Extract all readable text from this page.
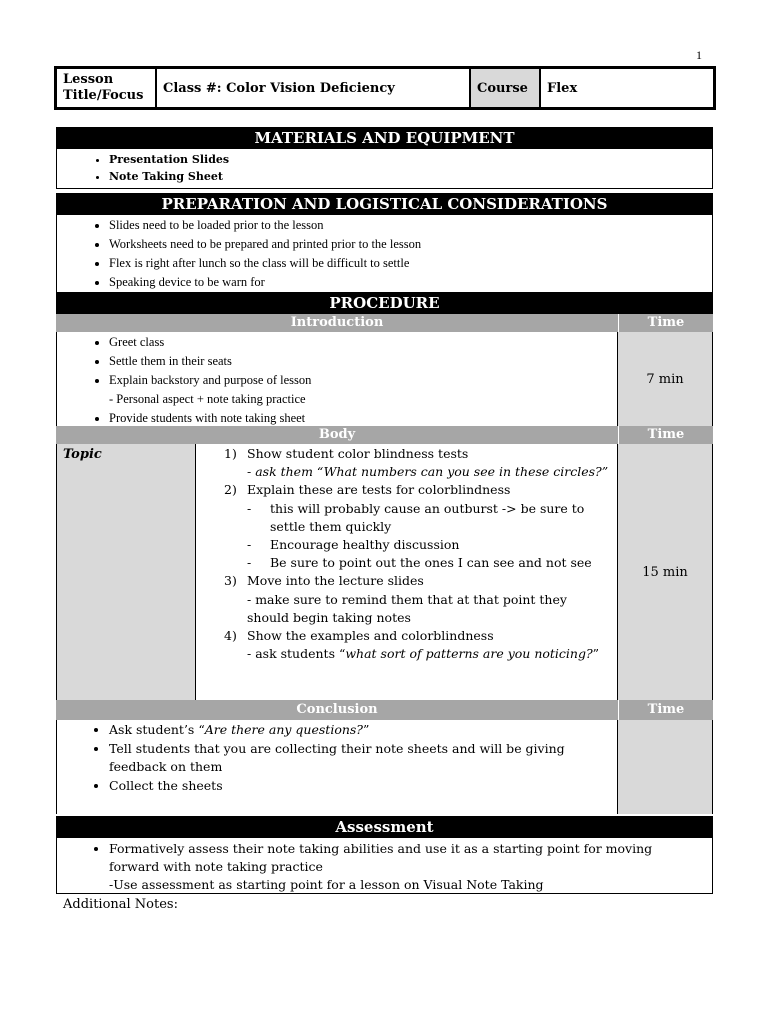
1
Lesson Title/Focus	Class #: Color Vision Deficiency	Course	Flex
MATERIALS AND EQUIPMENT
• Presentation Slides
• Note Taking Sheet
PREPARATION AND LOGISTICAL CONSIDERATIONS
• Slides need to be loaded prior to the lesson
• Worksheets need to be prepared and printed prior to the lesson
• Flex is right after lunch so the class will be difficult to settle
• Speaking device to be warn for
PROCEDURE
Introduction	Time
• Greet class
• Settle them in their seats
• Explain backstory and purpose of lesson
- Personal aspect + note taking practice
• Provide students with note taking sheet
7 min
Body	Time
Topic	1) Show student color blindness tests
- ask them “What numbers can you see in these circles?”
2) Explain these are tests for colorblindness
-	this will probably cause an outburst -> be sure to
settle them quickly
-	Encourage healthy discussion
-	Be sure to point out the ones I can see and not see
3) Move into the lecture slides
- make sure to remind them that at that point they
should begin taking notes
4) Show the examples and colorblindness
- ask students “what sort of patterns are you noticing?”
15 min
Conclusion	Time
• Ask student’s “Are there any questions?”
• Tell students that you are collecting their note sheets and will be giving
feedback on them
• Collect the sheets
Assessment
• Formatively assess their note taking abilities and use it as a starting point for moving
forward with note taking practice
-Use assessment as starting point for a lesson on Visual Note Taking
Additional Notes:
